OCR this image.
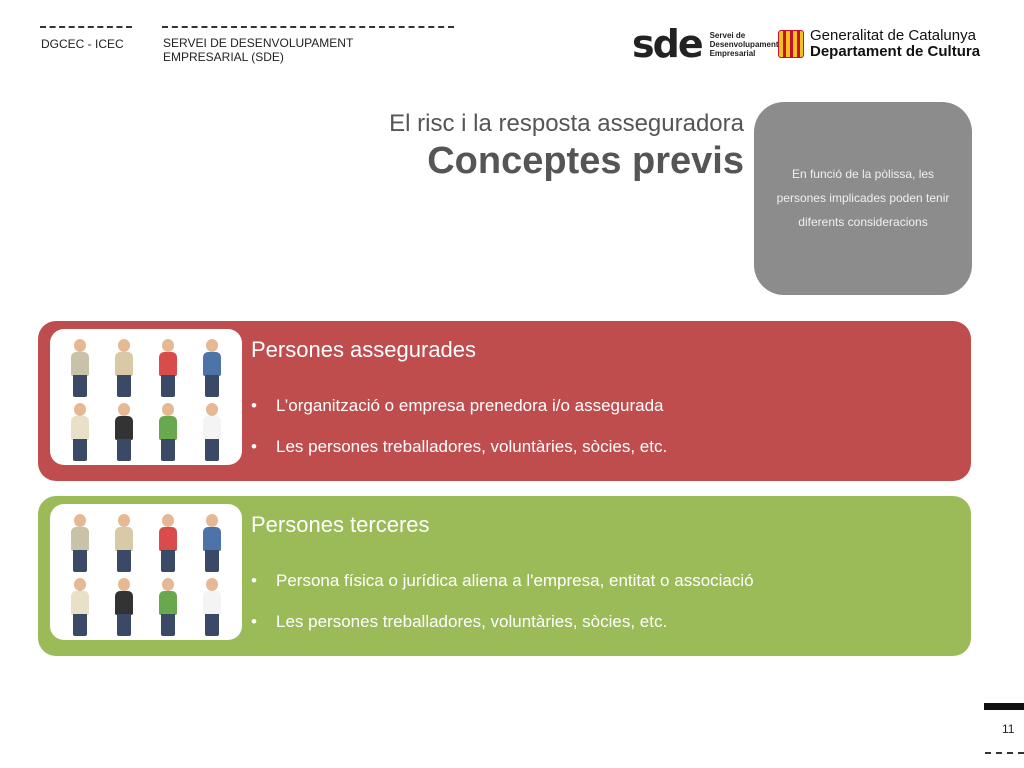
DGCEC - ICEC	SERVEI DE DESENVOLUPAMENT
EMPRESARIAL (SDE)	sde Servei de
Desenvolupament
Empresarial
Generalitat de Catalunya
Departament de Cultura
El risc i la resposta asseguradora
Conceptes previs	En funció de la pòlissa, les persones implicades poden tenir diferents consideracions

Persones assegurades
• L’organització o empresa prenedora i/o assegurada
• Les persones treballadores, voluntàries, sòcies, etc.
Persones terceres
• Persona física o jurídica aliena a l'empresa, entitat o associació
• Les persones treballadores, voluntàries, sòcies, etc.
11
